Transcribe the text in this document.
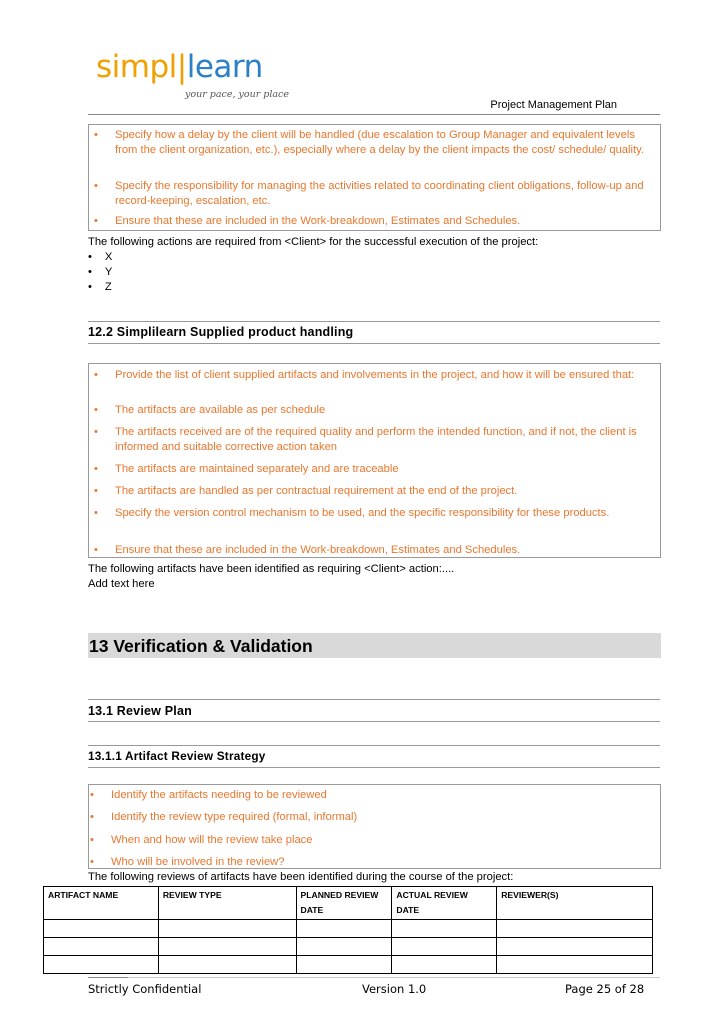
simpl|learn
your pace, your place
Project Management Plan
• Specify how a delay by the client will be handled (due escalation to Group Manager and equivalent levels from the client organization, etc.), especially where a delay by the client impacts the cost/ schedule/ quality.
• Specify the responsibility for managing the activities related to coordinating client obligations, follow-up and record-keeping, escalation, etc.
• Ensure that these are included in the Work-breakdown, Estimates and Schedules.
The following actions are required from <Client> for the successful execution of the project:
• X
• Y
• Z
12.2 Simplilearn Supplied product handling
• Provide the list of client supplied artifacts and involvements in the project, and how it will be ensured that:
• The artifacts are available as per schedule
• The artifacts received are of the required quality and perform the intended function, and if not, the client is informed and suitable corrective action taken
• The artifacts are maintained separately and are traceable
• The artifacts are handled as per contractual requirement at the end of the project.
• Specify the version control mechanism to be used, and the specific responsibility for these products.
• Ensure that these are included in the Work-breakdown, Estimates and Schedules.
The following artifacts have been identified as requiring <Client> action:....
Add text here
13 Verification & Validation
13.1 Review Plan
13.1.1 Artifact Review Strategy
• Identify the artifacts needing to be reviewed
• Identify the review type required (formal, informal)
• When and how will the review take place
• Who will be involved in the review?
The following reviews of artifacts have been identified during the course of the project:
ARTIFACT NAME	REVIEW TYPE	PLANNED REVIEW DATE	ACTUAL REVIEW DATE	REVIEWER(S)

Strictly Confidential	Version 1.0	Page 25 of 28
